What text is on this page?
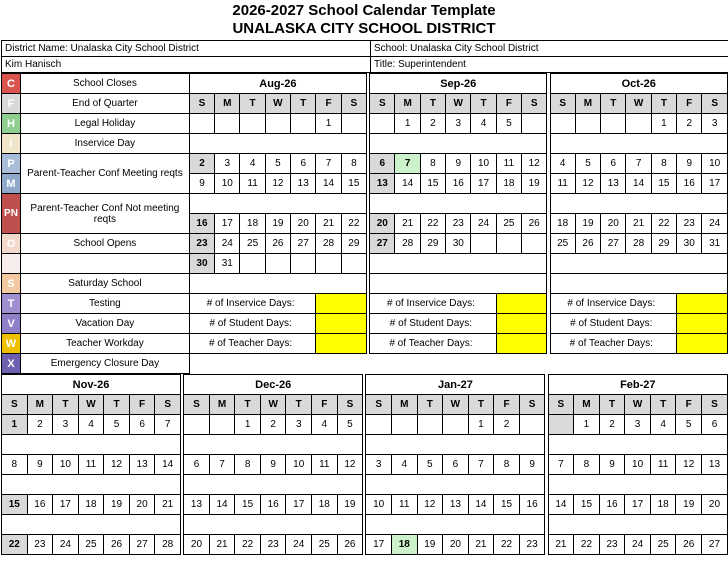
2026-2027 School Calendar Template
UNALASKA CITY SCHOOL DISTRICT
District Name: Unalaska City School District	School: Unalaska City School District
Kim Hanisch	Title: Superintendent
C	School Closes	Aug-26								Sep-26								Oct-26						
F	End of Quarter	S	M	T	W	T	F	S		S	M	T	W	T	F	S		S	M	T	W	T	F	S
H	Legal Holiday						1				1	2	3	4	5							1	2	3
I	Inservice Day																							
P	Parent-Teacher Conf Meeting reqts	2	3	4	5	6	7	8		6	7	8	9	10	11	12		4	5	6	7	8	9	10
M		9	10	11	12	13	14	15		13	14	15	16	17	18	19		11	12	13	14	15	16	17
PN	Parent-Teacher Conf Not meeting reqts																							
		16	17	18	19	20	21	22		20	21	22	23	24	25	26		18	19	20	21	22	23	24
O	School Opens	23	24	25	26	27	28	29		27	28	29	30					25	26	27	28	29	30	31
		30	31																					
S	Saturday School																							
T	Testing	# of Inservice Days:								# of Inservice Days:								# of Inservice Days:						
V	Vacation Day	# of Student Days:								# of Student Days:								# of Student Days:						
W	Teacher Workday	# of Teacher Days:								# of Teacher Days:								# of Teacher Days:						
X	Emergency Closure Day																							
Nov-26								Dec-26								Jan-27								Feb-27						
S	M	T	W	T	F	S		S	M	T	W	T	F	S		S	M	T	W	T	F	S		S	M	T	W	T	F	S
1	2	3	4	5	6	7				1	2	3	4	5						1	2				1	2	3	4	5	6

8	9	10	11	12	13	14		6	7	8	9	10	11	12		3	4	5	6	7	8	9		7	8	9	10	11	12	13

15	16	17	18	19	20	21		13	14	15	16	17	18	19		10	11	12	13	14	15	16		14	15	16	17	18	19	20

22	23	24	25	26	27	28		20	21	22	23	24	25	26		17	18	19	20	21	22	23		21	22	23	24	25	26	27
